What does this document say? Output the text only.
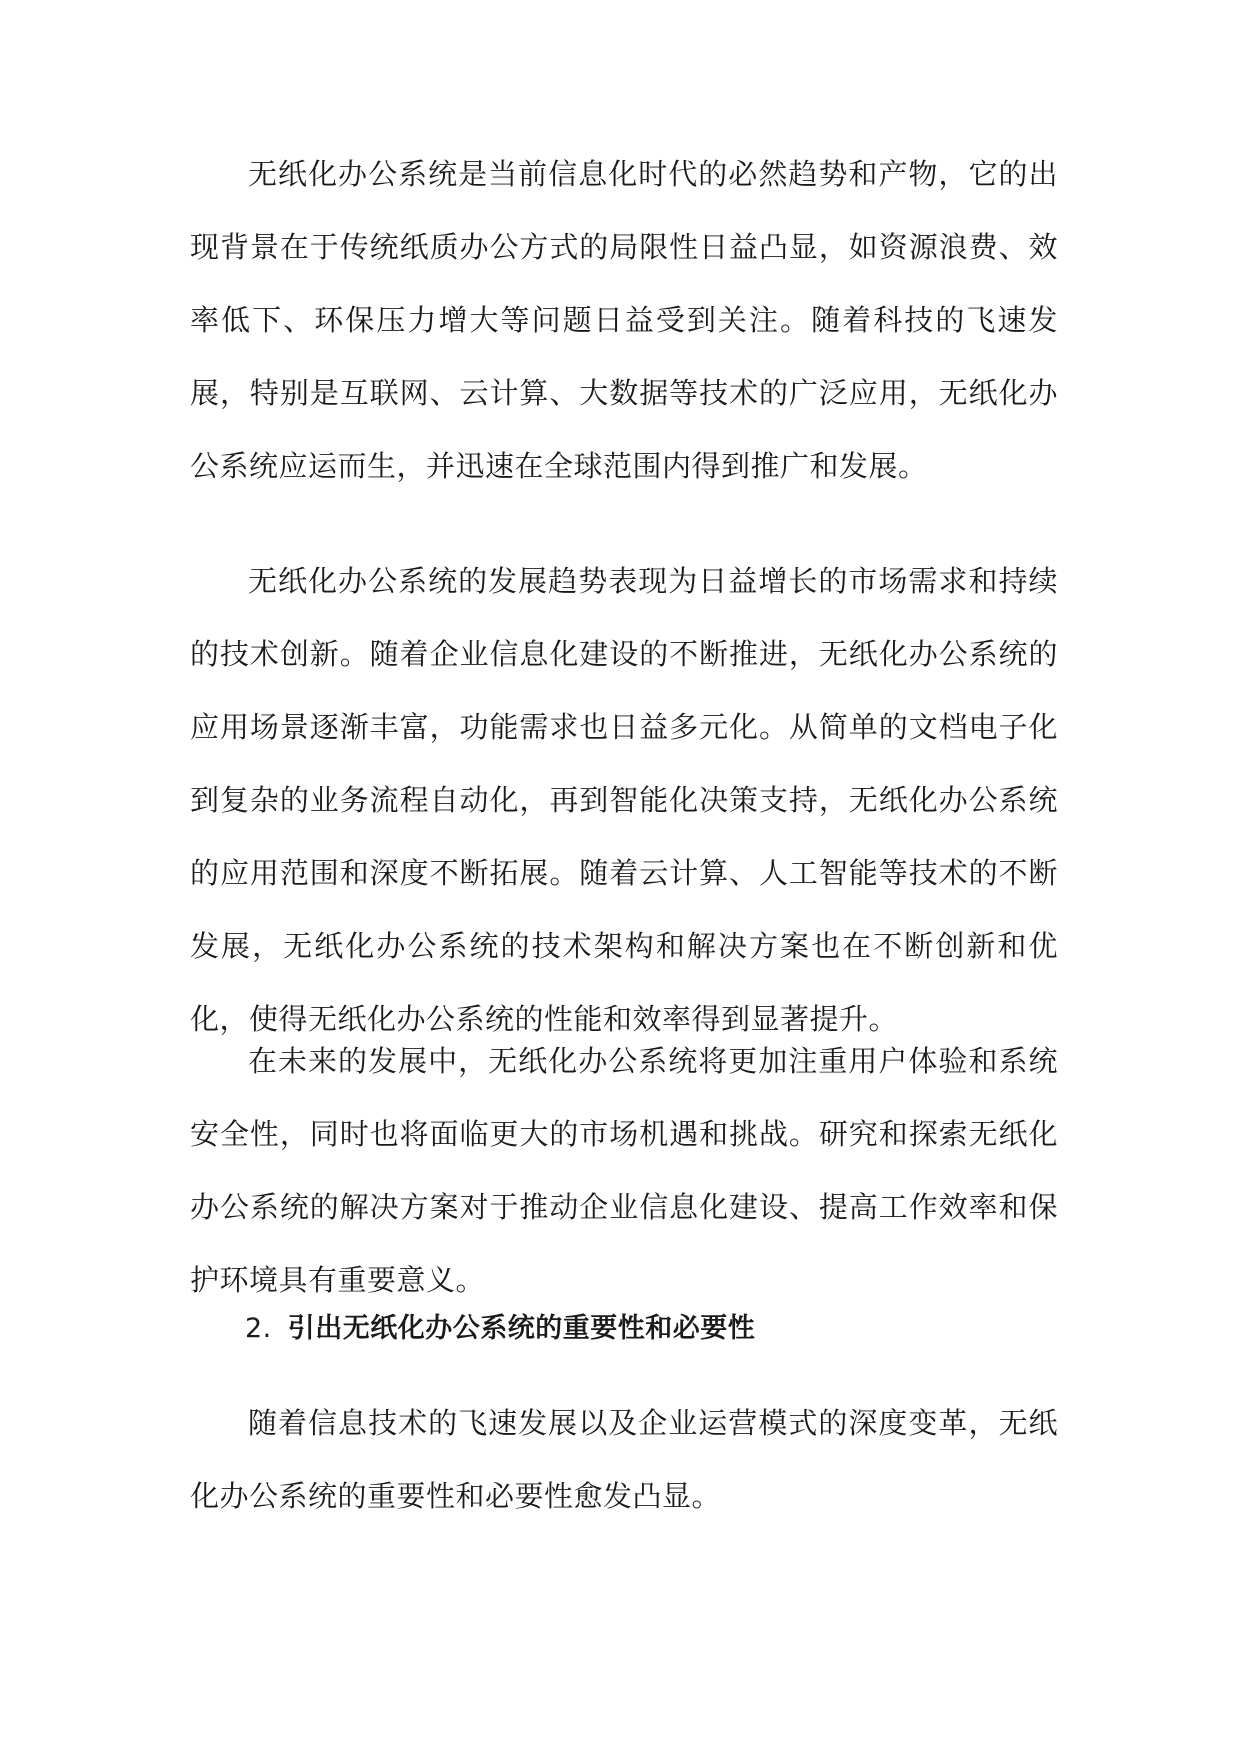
无纸化办公系统是当前信息化时代的必然趋势和产物，它的出现背景在于传统纸质办公方式的局限性日益凸显，如资源浪费、效率低下、环保压力增大等问题日益受到关注。随着科技的飞速发展，特别是互联网、云计算、大数据等技术的广泛应用，无纸化办公系统应运而生，并迅速在全球范围内得到推广和发展。

无纸化办公系统的发展趋势表现为日益增长的市场需求和持续的技术创新。随着企业信息化建设的不断推进，无纸化办公系统的应用场景逐渐丰富，功能需求也日益多元化。从简单的文档电子化到复杂的业务流程自动化，再到智能化决策支持，无纸化办公系统的应用范围和深度不断拓展。随着云计算、人工智能等技术的不断发展，无纸化办公系统的技术架构和解决方案也在不断创新和优化，使得无纸化办公系统的性能和效率得到显著提升。

在未来的发展中，无纸化办公系统将更加注重用户体验和系统安全性，同时也将面临更大的市场机遇和挑战。研究和探索无纸化办公系统的解决方案对于推动企业信息化建设、提高工作效率和保护环境具有重要意义。

2. 引出无纸化办公系统的重要性和必要性

随着信息技术的飞速发展以及企业运营模式的深度变革，无纸化办公系统的重要性和必要性愈发凸显。
